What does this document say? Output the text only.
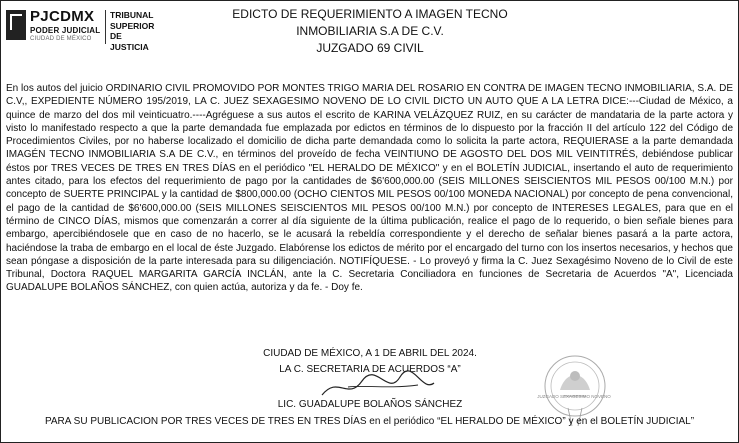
PJCDMX
PODER JUDICIAL
CIUDAD DE MÉXICO
TRIBUNAL
SUPERIOR DE
JUSTICIA
EDICTO DE REQUERIMIENTO A IMAGEN TECNO
INMOBILIARIA S.A DE C.V.
JUZGADO 69 CIVIL
En los autos del juicio ORDINARIO CIVIL PROMOVIDO POR MONTES TRIGO MARIA DEL ROSARIO EN CONTRA DE IMAGEN TECNO INMOBILIARIA, S.A. DE C.V,, EXPEDIENTE NÚMERO 195/2019, LA C. JUEZ SEXAGESIMO NOVENO DE LO CIVIL DICTO UN AUTO QUE A LA LETRA DICE:---Ciudad de México, a quince de marzo del dos mil veinticuatro.----Agréguese a sus autos el escrito de KARINA VELÁZQUEZ RUIZ, en su carácter de mandataria de la parte actora y visto lo manifestado respecto a que la parte demandada fue emplazada por edictos en términos de lo dispuesto por la fracción II del artículo 122 del Código de Procedimientos Civiles, por no haberse localizado el domicilio de dicha parte demandada como lo solicita la parte actora, REQUIERASE a la parte demandada IMAGÉN TECNO INMOBILIARIA S.A DE C.V., en términos del proveído de fecha VEINTIUNO DE AGOSTO DEL DOS MIL VEINTITRÉS, debiéndose publicar éstos por TRES VECES DE TRES EN TRES DÍAS en el periódico "EL HERALDO DE MÉXICO" y en el BOLETÍN JUDICIAL, insertando el auto de requerimiento antes citado, para los efectos del requerimiento de pago por la cantidades de $6'600,000.00 (SEIS MILLONES SEISCIENTOS MIL PESOS 00/100 M.N.) por concepto de SUERTE PRINCIPAL y la cantidad de $800,000.00 (OCHO CIENTOS MIL PESOS 00/100 MONEDA NACIONAL) por concepto de pena convencional, el pago de la cantidad de $6'600,000.00 (SEIS MILLONES SEISCIENTOS MIL PESOS 00/100 M.N.) por concepto de INTERESES LEGALES, para que en el término de CINCO DÍAS, mismos que comenzarán a correr al día siguiente de la última publicación, realice el pago de lo requerido, o bien señale bienes para embargo, apercibiéndosele que en caso de no hacerlo, se le acusará la rebeldía correspondiente y el derecho de señalar bienes pasará a la parte actora, haciéndose la traba de embargo en el local de éste Juzgado. Elabórense los edictos de mérito por el encargado del turno con los insertos necesarios, y hechos que sean póngase a disposición de la parte interesada para su diligenciación. NOTIFÍQUESE. - Lo proveyó y firma la C. Juez Sexagésimo Noveno de lo Civil de este Tribunal, Doctora RAQUEL MARGARITA GARCÍA INCLÁN, ante la C. Secretaria Conciliadora en funciones de Secretaria de Acuerdos "A", Licenciada GUADALUPE BOLAÑOS SÁNCHEZ, con quien actúa, autoriza y da fe. - Doy fe.
CIUDAD DE MÉXICO, A 1 DE ABRIL DEL 2024.
LA C. SECRETARIA DE ACUERDOS “A”
LIC. GUADALUPE BOLAÑOS SÁNCHEZ
JUZGADO SEXAGESIMO NOVENO
PARA SU PUBLICACION POR TRES VECES DE TRES EN TRES DÍAS en el periódico “EL HERALDO DE MÉXICO” y en el BOLETÍN JUDICIAL”
